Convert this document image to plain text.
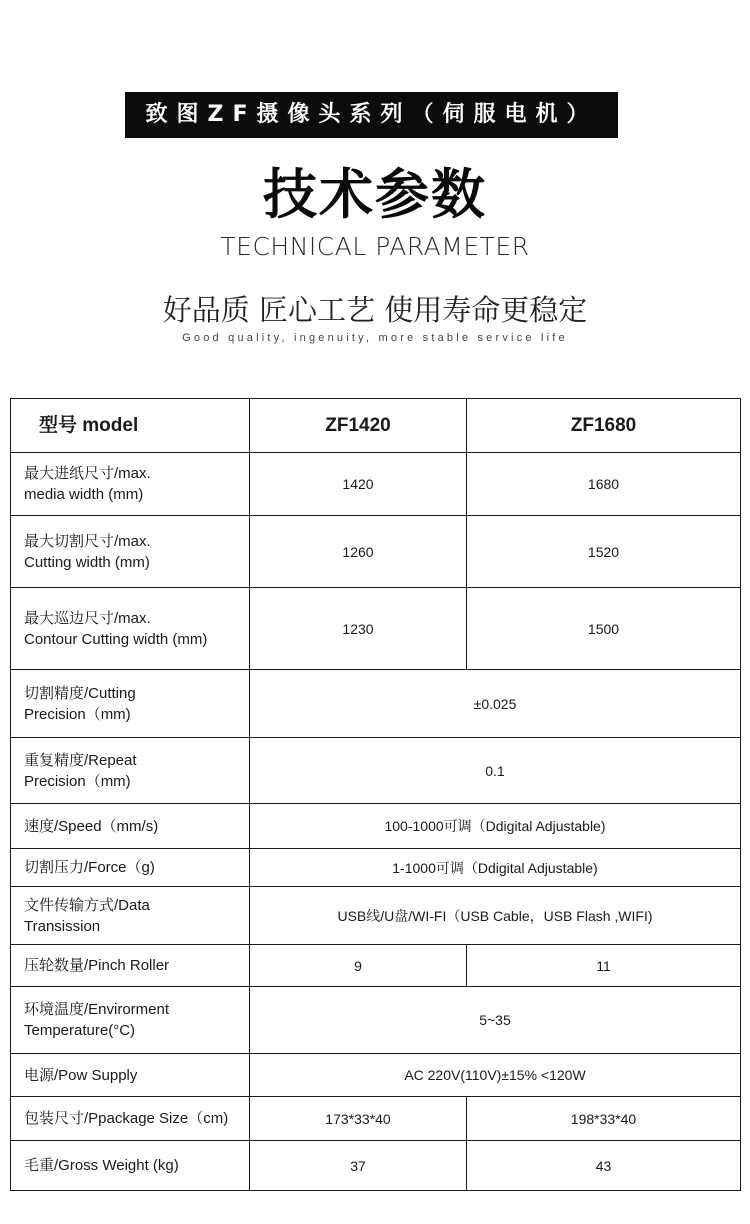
致图ZF摄像头系列（伺服电机）
技术参数
TECHNICAL PARAMETER
好品质 匠心工艺 使用寿命更稳定
Good quality, ingenuity, more stable service life
型号 model	ZF1420	ZF1680
最大进纸尺寸/max.
media width (mm)	1420	1680
最大切割尺寸/max.
Cutting width (mm)	1260	1520
最大巡边尺寸/max.
Contour Cutting width (mm)	1230	1500
切割精度/Cutting
Precision（mm)	±0.025	
重复精度/Repeat
Precision（mm)	0.1	
速度/Speed（mm/s)	100-1000可调（Ddigital Adjustable)	
切割压力/Force（g)	1-1000可调（Ddigital Adjustable)	
文件传输方式/Data
Transission	USB线/U盘/WI-FI（USB Cable，USB Flash ,WIFI)	
压轮数量/Pinch Roller	9	11
环境温度/Envirorment
Temperature(°C)	5~35	
电源/Pow Supply	AC 220V(110V)±15% <120W	
包装尺寸/Ppackage Size（cm)	173*33*40	198*33*40
毛重/Gross Weight (kg)	37	43
